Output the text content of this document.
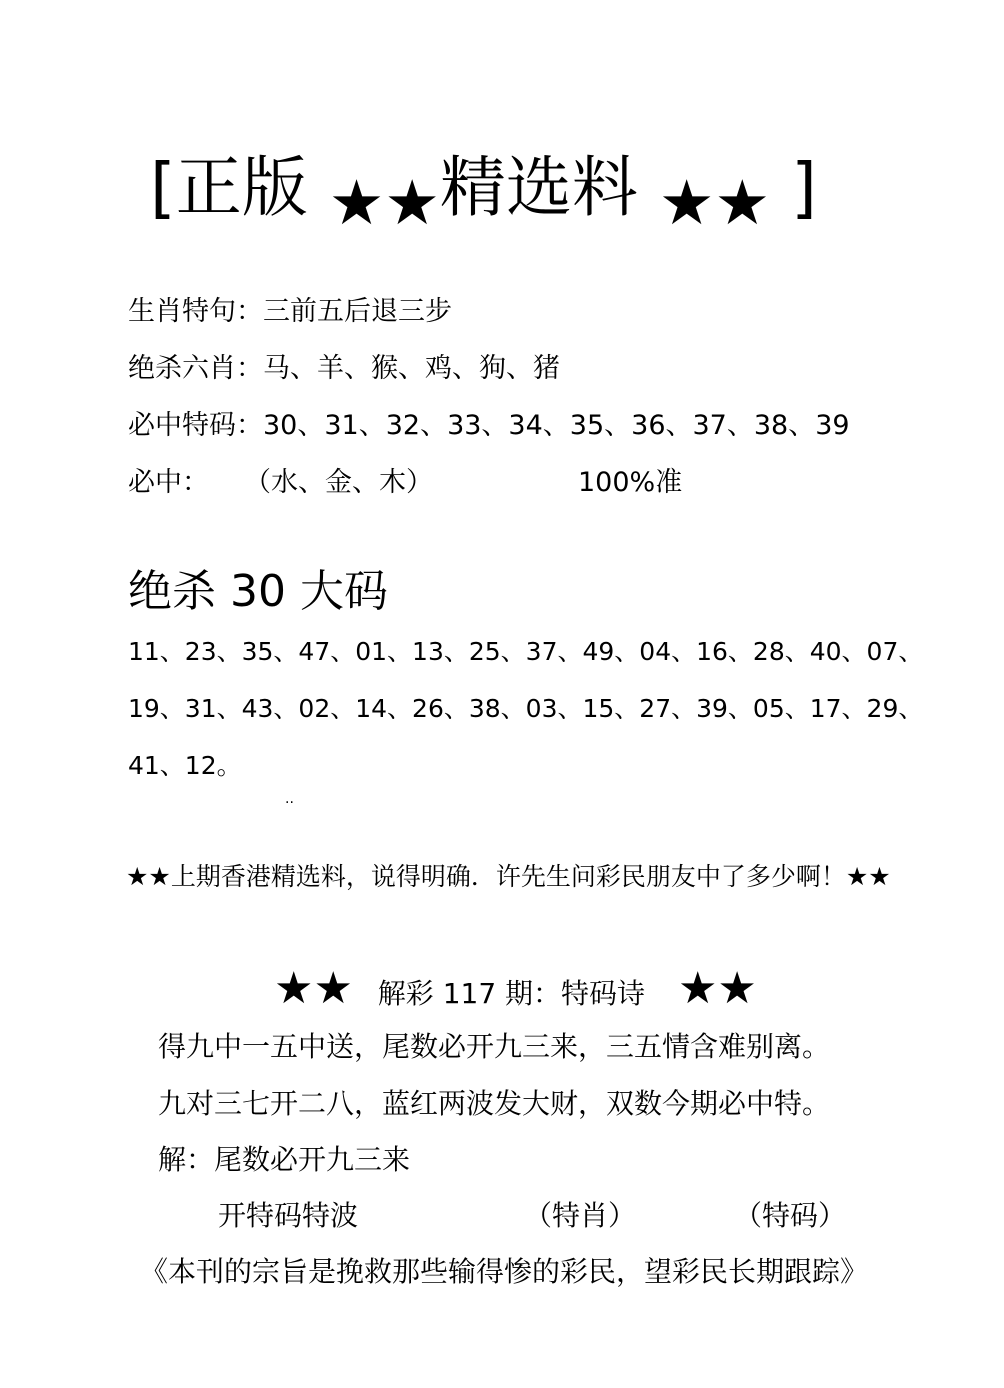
[正版 ★★精选料 ★★ ]
生肖特句：三前五后退三步
绝杀六肖：马、羊、猴、鸡、狗、猪
必中特码：30、31、32、33、34、35、36、37、38、39
必中： （水、金、木）	100%准
绝杀 30 大码
11、23、35、47、01、13、25、37、49、04、16、28、40、07、
19、31、43、02、14、26、38、03、15、27、39、05、17、29、
41、12。
··
★★上期香港精选料，说得明确．许先生问彩民朋友中了多少啊！★★
★★ 解彩 117 期：特码诗 ★★
得九中一五中送，尾数必开九三来，三五情含难别离。
九对三七开二八，蓝红两波发大财，双数今期必中特。
解：尾数必开九三来
开特码特波	（特肖）	（特码）
《本刊的宗旨是挽救那些输得惨的彩民，望彩民长期跟踪》
